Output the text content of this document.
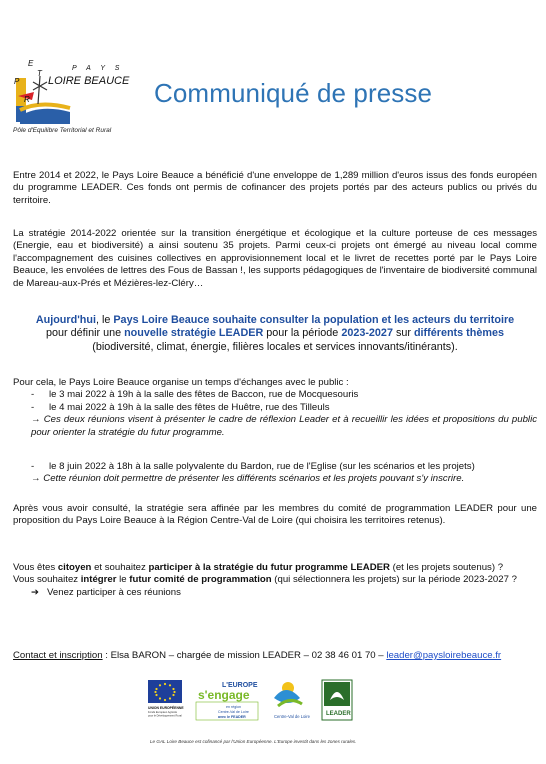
E
T
P
R
P A Y S
LOIRE BEAUCE
Pôle d'Equilibre Territorial et Rural
Communiqué de presse
Entre 2014 et 2022, le Pays Loire Beauce a bénéficié d'une enveloppe de 1,289 million d'euros issus des fonds européen du programme LEADER. Ces fonds ont permis de cofinancer des projets portés par des acteurs publics ou privés du territoire.
La stratégie 2014-2022 orientée sur la transition énergétique et écologique et la culture porteuse de ces messages (Energie, eau et biodiversité) a ainsi soutenu 35 projets. Parmi ceux-ci projets ont émergé au niveau local comme l'accompagnement des cuisines collectives en approvisionnement local et le livret de recettes porté par le Pays Loire Beauce, les envolées de lettres des Fous de Bassan !, les supports pédagogiques de l'inventaire de biodiversité communal de Mareau-aux-Prés et Mézières-lez-Cléry…
Aujourd'hui, le Pays Loire Beauce souhaite consulter la population et les acteurs du territoire
pour définir une nouvelle stratégie LEADER pour la période 2023-2027 sur différents thèmes
(biodiversité, climat, énergie, filières locales et services innovants/itinérants).
Pour cela, le Pays Loire Beauce organise un temps d'échanges avec le public :
- le 3 mai 2022 à 19h à la salle des fêtes de Baccon, rue de Mocquesouris
- le 4 mai 2022 à 19h à la salle des fêtes de Huêtre, rue des Tilleuls
→ Ces deux réunions visent à présenter le cadre de réflexion Leader et à recueillir les idées et propositions du public pour orienter la stratégie du futur programme.
- le 8 juin 2022 à 18h à la salle polyvalente du Bardon, rue de l'Eglise (sur les scénarios et les projets)
→ Cette réunion doit permettre de présenter les différents scénarios et les projets pouvant s'y inscrire.
Après vous avoir consulté, la stratégie sera affinée par les membres du comité de programmation LEADER pour une proposition du Pays Loire Beauce à la Région Centre-Val de Loire (qui choisira les territoires retenus).
Vous êtes citoyen et souhaitez participer à la stratégie du futur programme LEADER (et les projets soutenus) ?
Vous souhaitez intégrer le futur comité de programmation (qui sélectionnera les projets) sur la période 2023-2027 ?
➔ Venez participer à ces réunions
Contact et inscription : Elsa BARON – chargée de mission LEADER – 02 38 46 01 70 – leader@paysloirebeauce.fr
UNION EUROPÉENNE
Fonds Européen Agricole
pour le Développement Rural
L'EUROPE
s'engage
en région
Centre-Val de Loire
avec le FEADER	Centre-Val de Loire	LEADER
Le GAL Loire Beauce est cofinancé par l'Union Européenne. L'Europe investit dans les zones rurales.
